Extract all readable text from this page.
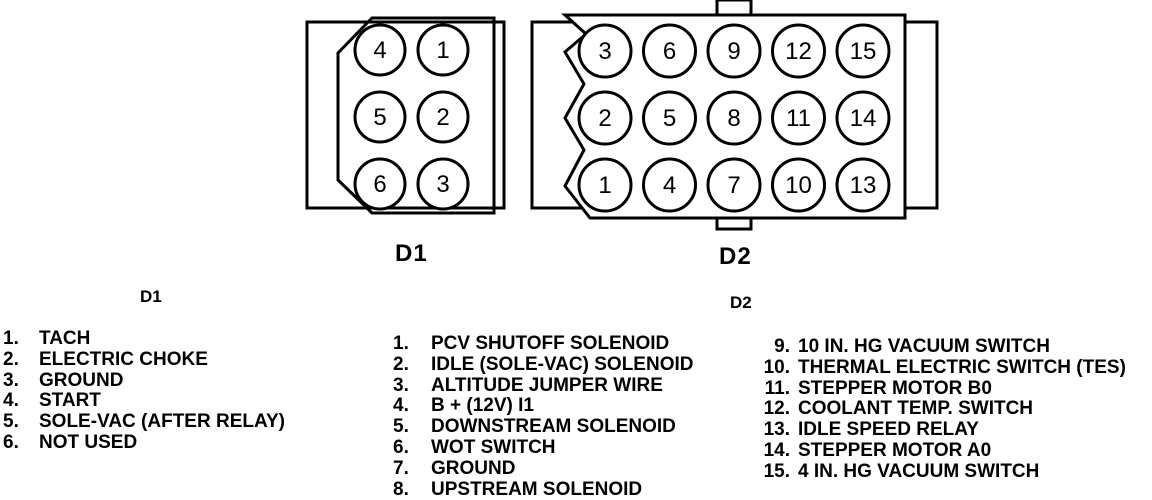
4 1
5 2
6 3
3 6 9 12 15
2 5 8 11 14
1 4 7 10 13
D1	D2
D1	D2
1.	TACH
2.	ELECTRIC CHOKE
3.	GROUND
4.	START
5.	SOLE-VAC (AFTER RELAY)
6.	NOT USED
1.	PCV SHUTOFF SOLENOID
2.	IDLE (SOLE-VAC) SOLENOID
3.	ALTITUDE JUMPER WIRE
4.	B + (12V) I1
5.	DOWNSTREAM SOLENOID
6.	WOT SWITCH
7.	GROUND
8.	UPSTREAM SOLENOID
9. 10 IN. HG VACUUM SWITCH
10. THERMAL ELECTRIC SWITCH (TES)
11. STEPPER MOTOR B0
12. COOLANT TEMP. SWITCH
13. IDLE SPEED RELAY
14. STEPPER MOTOR A0
15. 4 IN. HG VACUUM SWITCH
